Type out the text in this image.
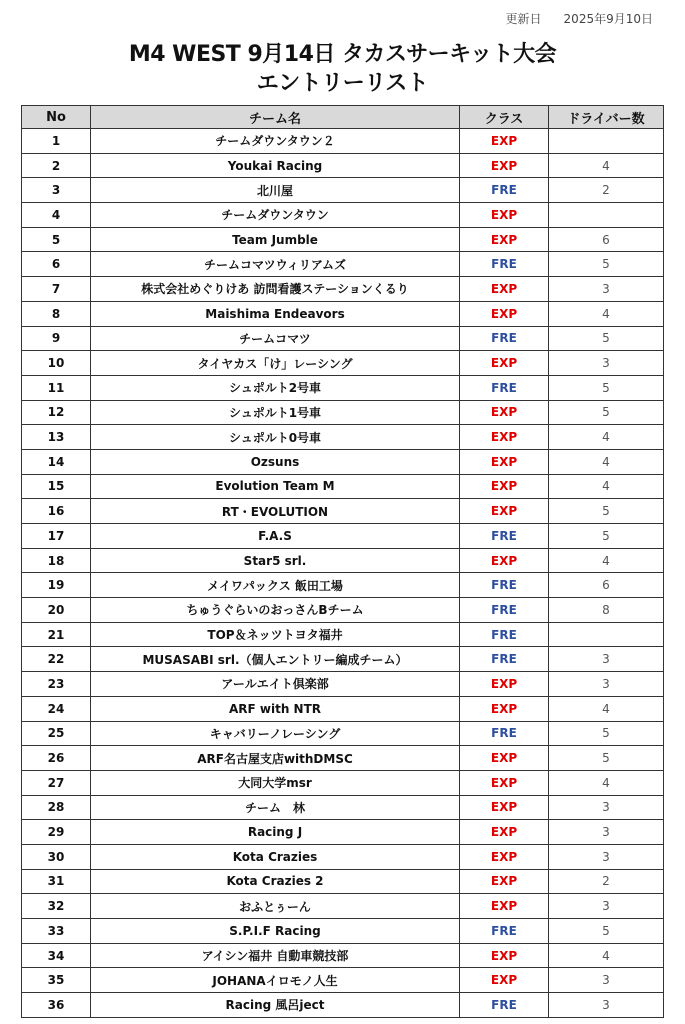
更新日 2025年9月10日
M4 WEST 9月14日 タカスサーキット大会
エントリーリスト
No	チーム名	クラス	ドライバー数
1	チームダウンタウン２	EXP	
2	Youkai Racing	EXP	4
3	北川屋	FRE	2
4	チームダウンタウン	EXP	
5	Team Jumble	EXP	6
6	チームコマツウィリアムズ	FRE	5
7	株式会社めぐりけあ 訪問看護ステーションくるり	EXP	3
8	Maishima Endeavors	EXP	4
9	チームコマツ	FRE	5
10	タイヤカス「け」レーシング	EXP	3
11	シュポルト2号車	FRE	5
12	シュポルト1号車	EXP	5
13	シュポルト0号車	EXP	4
14	Ozsuns	EXP	4
15	Evolution Team M	EXP	4
16	RT・EVOLUTION	EXP	5
17	F.A.S	FRE	5
18	Star5 srl.	EXP	4
19	メイワパックス 飯田工場	FRE	6
20	ちゅうぐらいのおっさんBチーム	FRE	8
21	TOP＆ネッツトヨタ福井	FRE	
22	MUSASABI srl.（個人エントリー編成チーム）	FRE	3
23	アールエイト倶楽部	EXP	3
24	ARF with NTR	EXP	4
25	キャバリーノレーシング	FRE	5
26	ARF名古屋支店withDMSC	EXP	5
27	大同大学msr	EXP	4
28	チーム　林	EXP	3
29	Racing J	EXP	3
30	Kota Crazies	EXP	3
31	Kota Crazies 2	EXP	2
32	おふとぅーん	EXP	3
33	S.P.I.F Racing	FRE	5
34	アイシン福井 自動車競技部	EXP	4
35	JOHANAイロモノ人生	EXP	3
36	Racing 風呂ject	FRE	3
